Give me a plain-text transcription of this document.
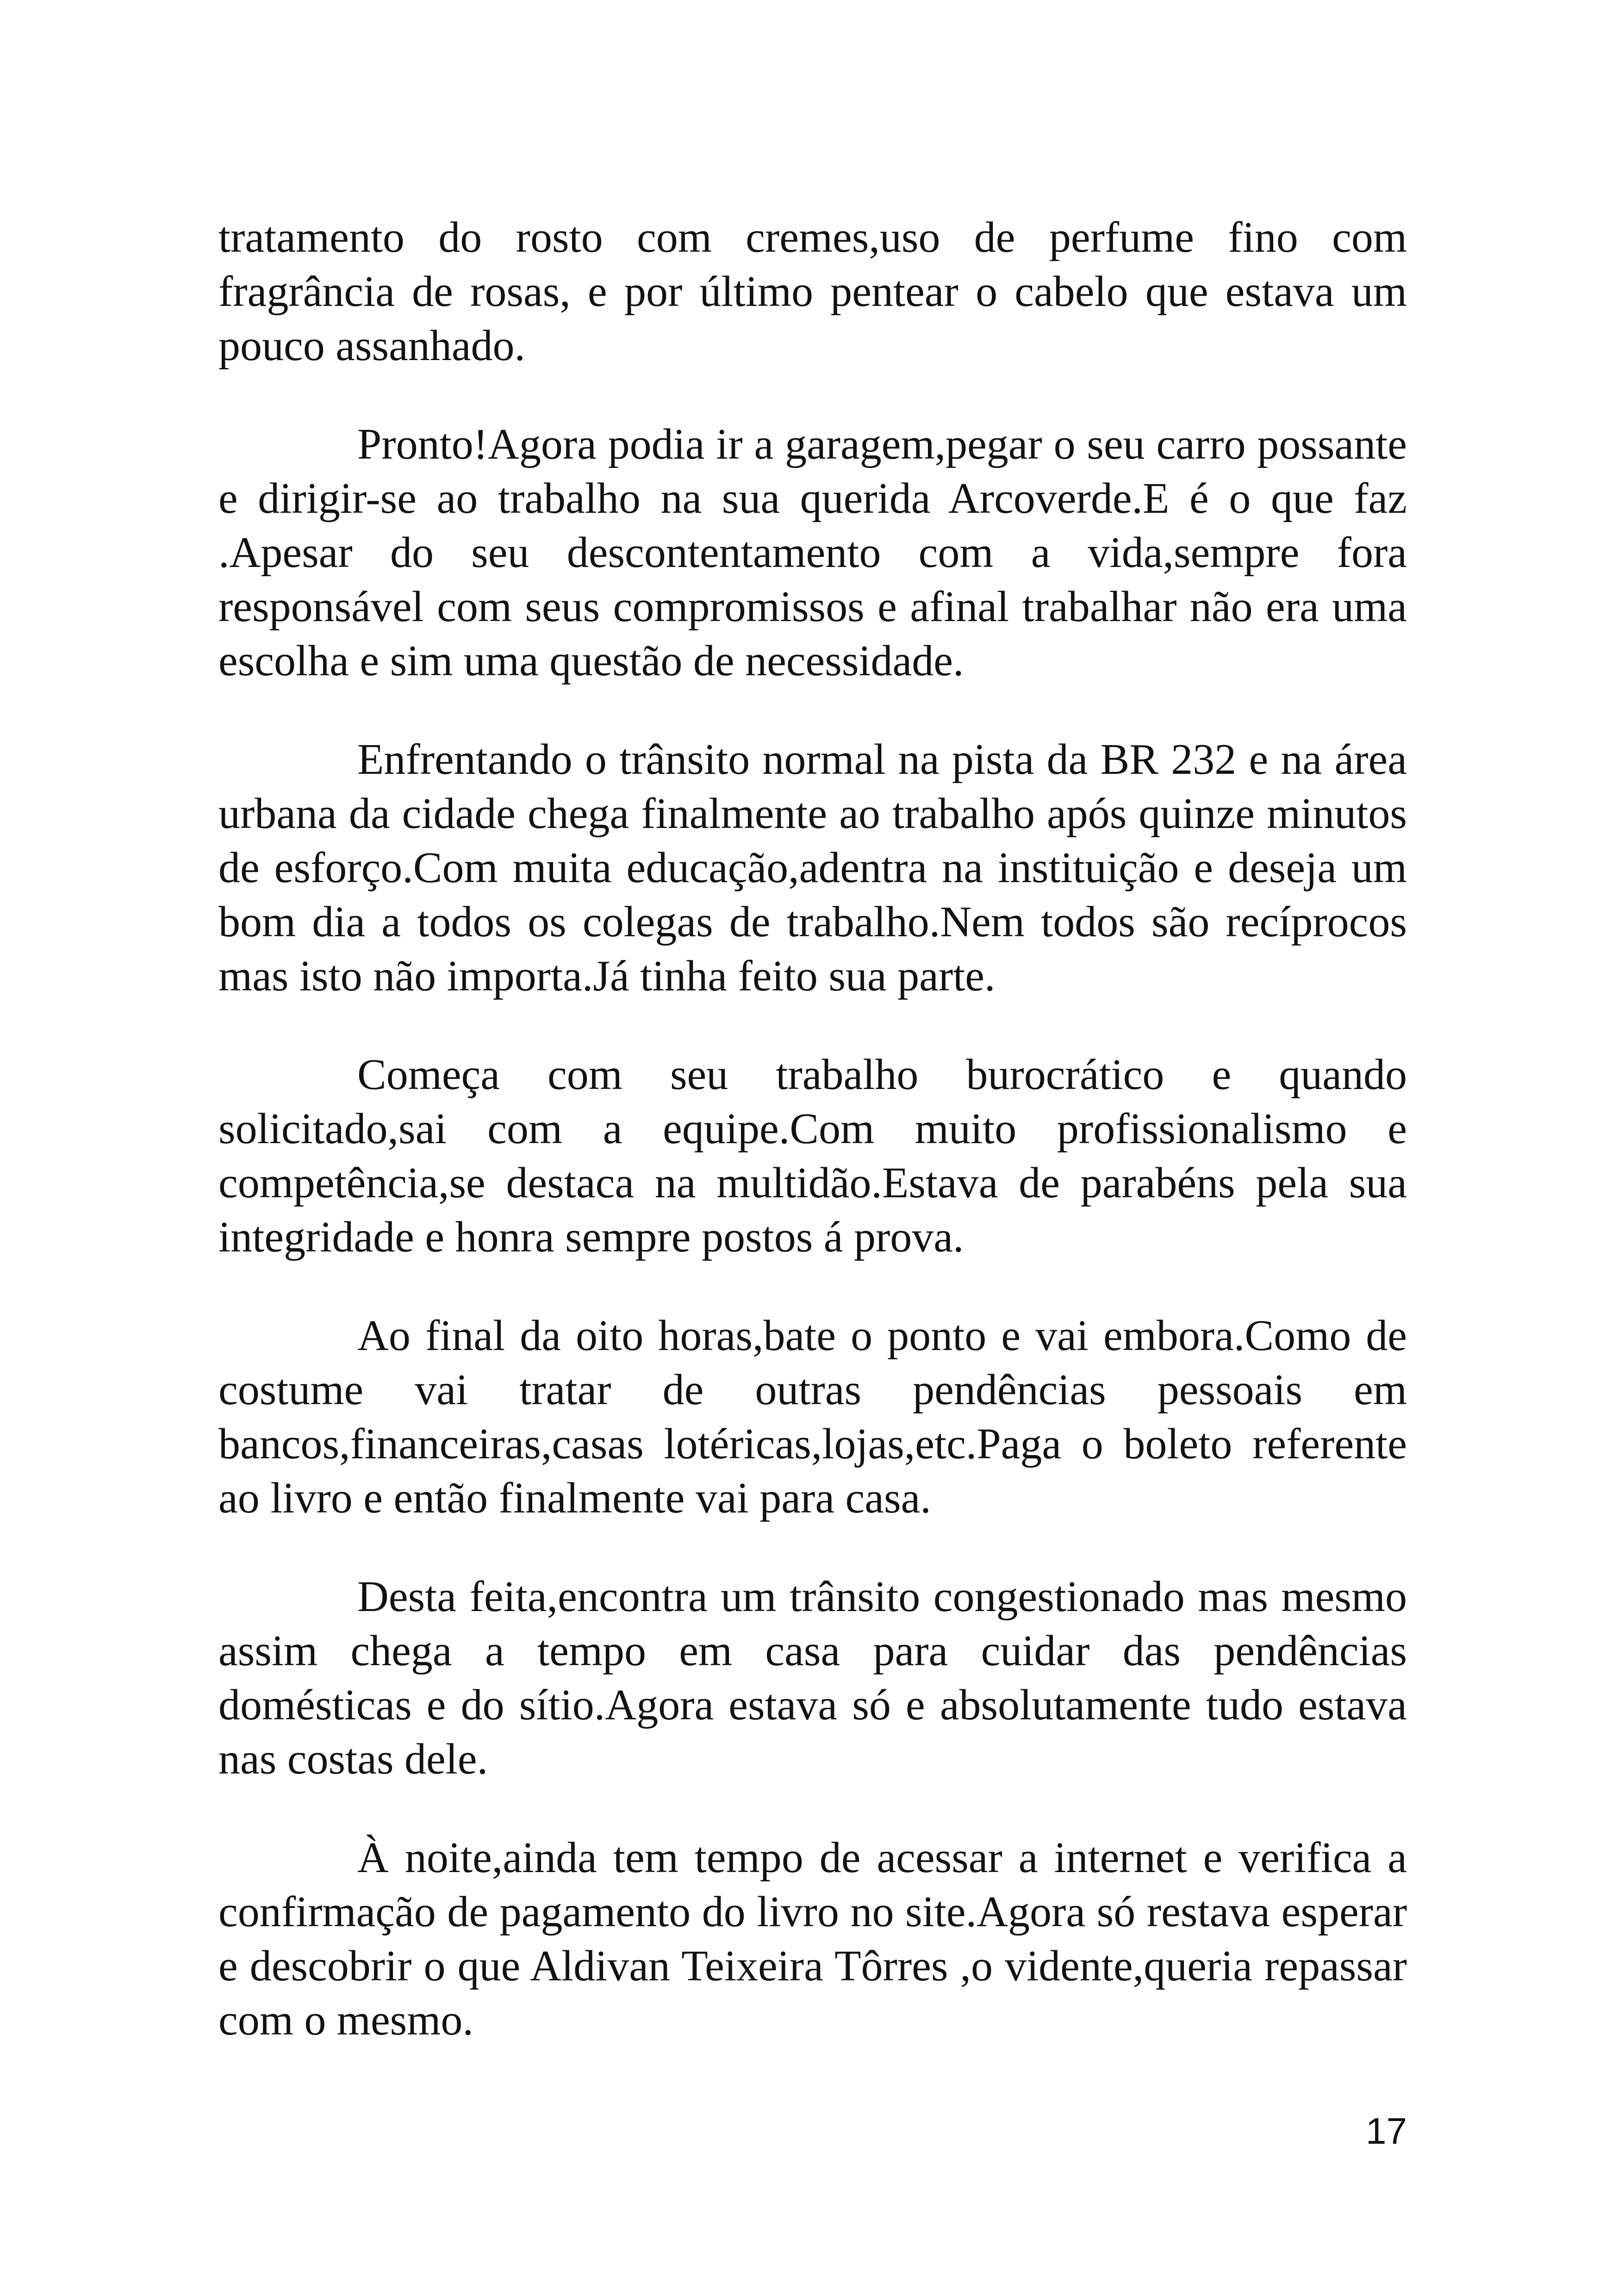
tratamento do rosto com cremes,uso de perfume fino com fragrância de rosas, e por último pentear o cabelo que estava um pouco assanhado.

Pronto!Agora podia ir a garagem,pegar o seu carro possante e dirigir-se ao trabalho na sua querida Arcoverde.E é o que faz .Apesar do seu descontentamento com a vida,sempre fora responsável com seus compromissos e afinal trabalhar não era uma escolha e sim uma questão de necessidade.

Enfrentando o trânsito normal na pista da BR 232 e na área urbana da cidade chega finalmente ao trabalho após quinze minutos de esforço.Com muita educação,adentra na instituição e deseja um bom dia a todos os colegas de trabalho.Nem todos são recíprocos mas isto não importa.Já tinha feito sua parte.

Começa com seu trabalho burocrático e quando solicitado,sai com a equipe.Com muito profissionalismo e competência,se destaca na multidão.Estava de parabéns pela sua integridade e honra sempre postos á prova.

Ao final da oito horas,bate o ponto e vai embora.Como de costume vai tratar de outras pendências pessoais em bancos,financeiras,casas lotéricas,lojas,etc.Paga o boleto referente ao livro e então finalmente vai para casa.

Desta feita,encontra um trânsito congestionado mas mesmo assim chega a tempo em casa para cuidar das pendências domésticas e do sítio.Agora estava só e absolutamente tudo estava nas costas dele.

À noite,ainda tem tempo de acessar a internet e verifica a confirmação de pagamento do livro no site.Agora só restava esperar e descobrir o que Aldivan Teixeira Tôrres ,o vidente,queria repassar com o mesmo.

17
